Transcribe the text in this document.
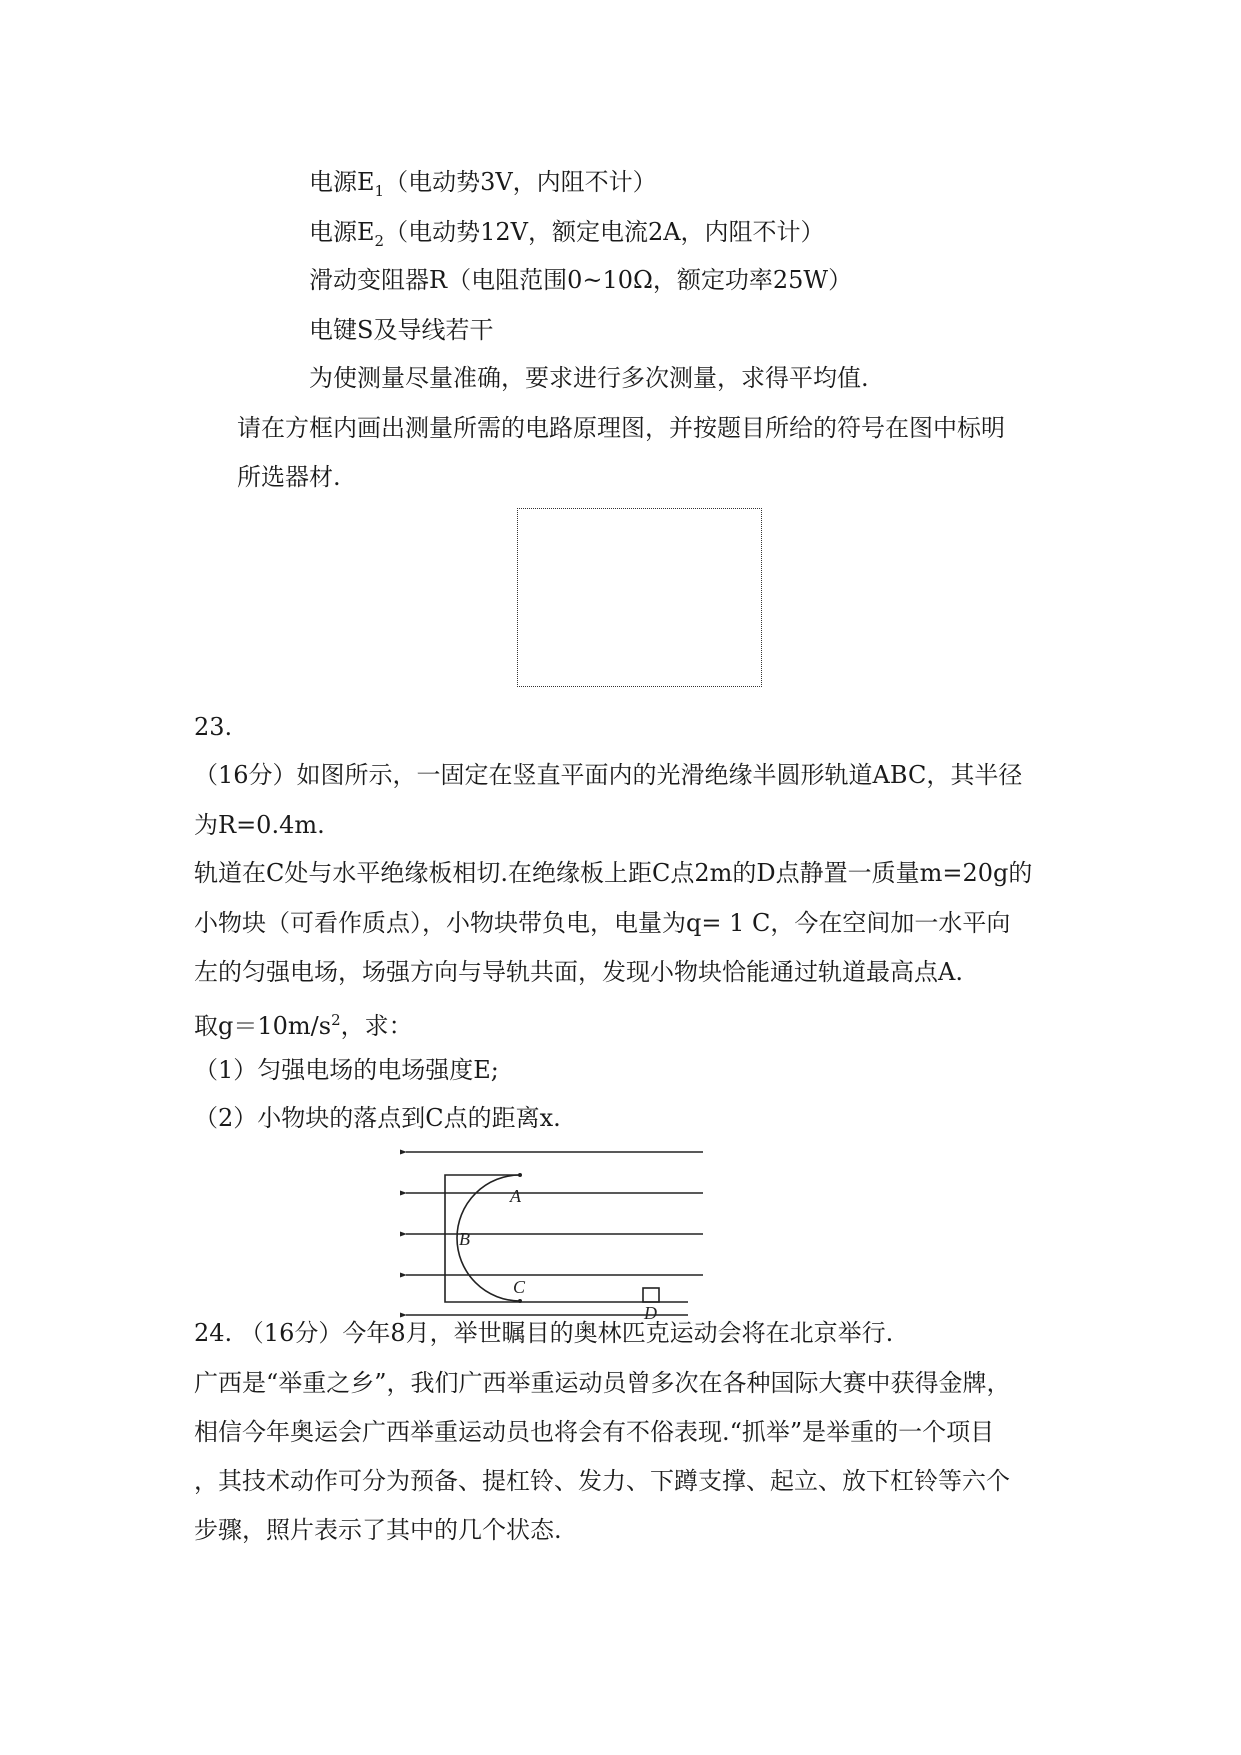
电源$E_1$（电动势3V，内阻不计）
电源$E_2$（电动势12V，额定电流2A，内阻不计）
滑动变阻器R（电阻范围0~10Ω，额定功率25W）
电键S及导线若干
为使测量尽量准确，要求进行多次测量，求得平均值.
请在方框内画出测量所需的电路原理图，并按题目所给的符号在图中标明
所选器材.
23.
（16分）如图所示，一固定在竖直平面内的光滑绝缘半圆形轨道ABC，其半径
为R=0.4m.
轨道在C处与水平绝缘板相切.在绝缘板上距C点2m的D点静置一质量m=20g的
小物块（可看作质点），小物块带负电，电量为q= 1 C，今在空间加一水平向
左的匀强电场，场强方向与导轨共面，发现小物块恰能通过轨道最高点A.
取$g=10m/s^2$，求：
（1）匀强电场的电场强度E;
（2）小物块的落点到C点的距离x.
A
B
C
D
24. （16分）今年8月，举世瞩目的奥林匹克运动会将在北京举行.
广西是“举重之乡”，我们广西举重运动员曾多次在各种国际大赛中获得金牌，
相信今年奥运会广西举重运动员也将会有不俗表现.“抓举”是举重的一个项目
，其技术动作可分为预备、提杠铃、发力、下蹲支撑、起立、放下杠铃等六个
步骤，照片表示了其中的几个状态.
